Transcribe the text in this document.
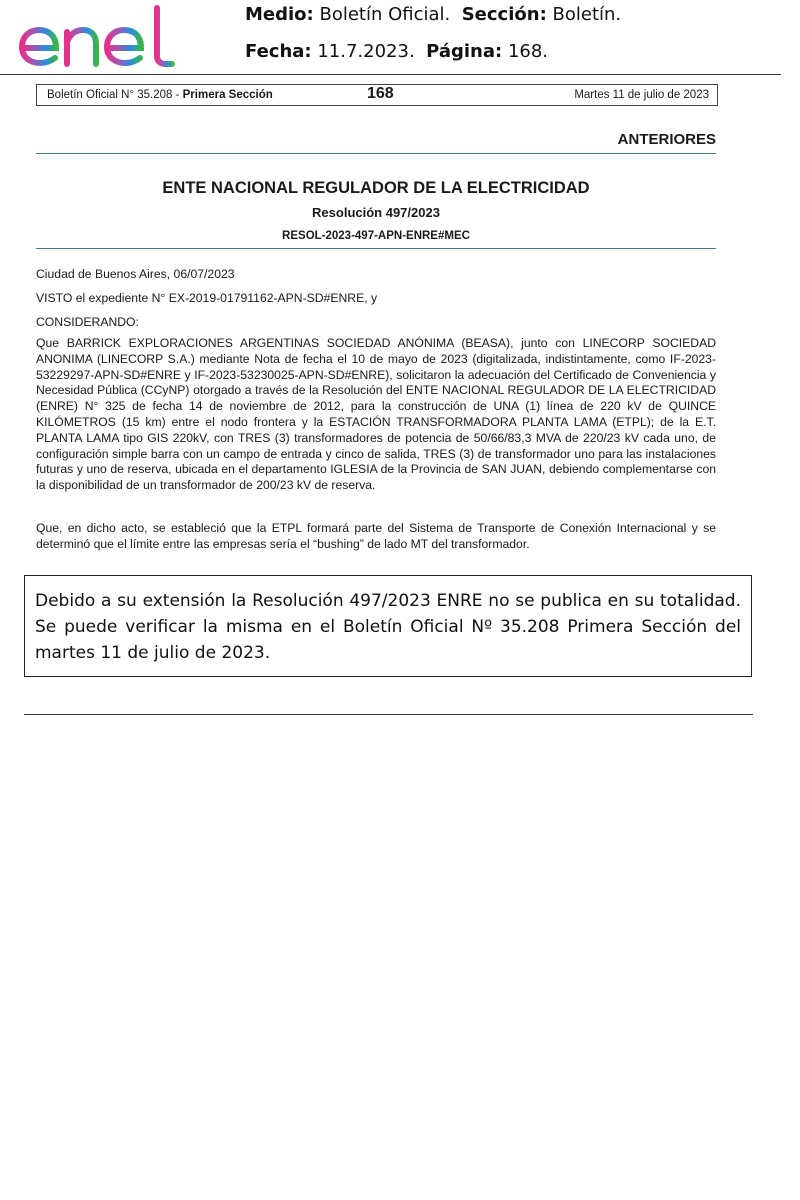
Medio: Boletín Oficial. Sección: Boletín.
Fecha: 11.7.2023. Página: 168.
Boletín Oficial N° 35.208 - Primera Sección	168	Martes 11 de julio de 2023
ANTERIORES
ENTE NACIONAL REGULADOR DE LA ELECTRICIDAD
Resolución 497/2023
RESOL-2023-497-APN-ENRE#MEC
Ciudad de Buenos Aires, 06/07/2023
VISTO el expediente N° EX-2019-01791162-APN-SD#ENRE, y
CONSIDERANDO:
Que BARRICK EXPLORACIONES ARGENTINAS SOCIEDAD ANÓNIMA (BEASA), junto con LINECORP SOCIEDAD ANONIMA (LINECORP S.A.) mediante Nota de fecha el 10 de mayo de 2023 (digitalizada, indistintamente, como IF-2023-53229297-APN-SD#ENRE y IF-2023-53230025-APN-SD#ENRE), solicitaron la adecuación del Certificado de Conveniencia y Necesidad Pública (CCyNP) otorgado a través de la Resolución del ENTE NACIONAL REGULADOR DE LA ELECTRICIDAD (ENRE) N° 325 de fecha 14 de noviembre de 2012, para la construcción de UNA (1) línea de 220 kV de QUINCE KILÓMETROS (15 km) entre el nodo frontera y la ESTACIÓN TRANSFORMADORA PLANTA LAMA (ETPL); de la E.T. PLANTA LAMA tipo GIS 220kV, con TRES (3) transformadores de potencia de 50/66/83,3 MVA de 220/23 kV cada uno, de configuración simple barra con un campo de entrada y cinco de salida, TRES (3) de transformador uno para las instalaciones futuras y uno de reserva, ubicada en el departamento IGLESIA de la Provincia de SAN JUAN, debiendo complementarse con la disponibilidad de un transformador de 200/23 kV de reserva.
Que, en dicho acto, se estableció que la ETPL formará parte del Sistema de Transporte de Conexión Internacional y se determinó que el límite entre las empresas sería el “bushing” de lado MT del transformador.
Debido a su extensión la Resolución 497/2023 ENRE no se publica en su totalidad. Se puede verificar la misma en el Boletín Oficial Nº 35.208 Primera Sección del martes 11 de julio de 2023.
